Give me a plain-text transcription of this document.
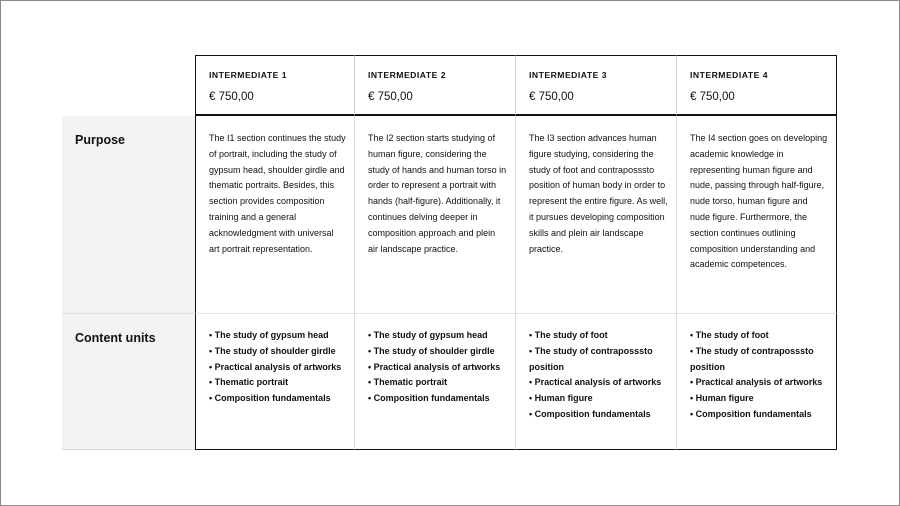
INTERMEDIATE 1
€ 750,00
INTERMEDIATE 2
€ 750,00
INTERMEDIATE 3
€ 750,00
INTERMEDIATE 4
€ 750,00
Purpose	The I1 section continues the study of portrait, including the study of gypsum head, shoulder girdle and thematic portraits. Besides, this section provides composition training and a general acknowledgment with universal art portrait representation.
The I2 section starts studying of human figure, considering the study of hands and human torso in order to represent a portrait with hands (half-figure). Additionally, it continues delving deeper in composition approach and plein air landscape practice.
The I3 section advances human figure studying, considering the study of foot and contraposssto position of human body in order to represent the entire figure. As well, it pursues developing composition skills and plein air landscape practice.
The I4 section goes on developing academic knowledge in representing human figure and nude, passing through half-figure, nude torso, human figure and nude figure. Furthermore, the section continues outlining composition understanding and academic competences.
Content units
•	The study of gypsum head
• The study of shoulder girdle
• Practical analysis of artworks
• Thematic portrait
• Composition fundamentals
• The study of gypsum head
• The study of shoulder girdle
• Practical analysis of artworks
• Thematic portrait
• Composition fundamentals
• The study of foot
• The study of contraposssto position
• Practical analysis of artworks
• Human figure
• Composition fundamentals
• The study of foot
• The study of contraposssto position
• Practical analysis of artworks
• Human figure
• Composition fundamentals
